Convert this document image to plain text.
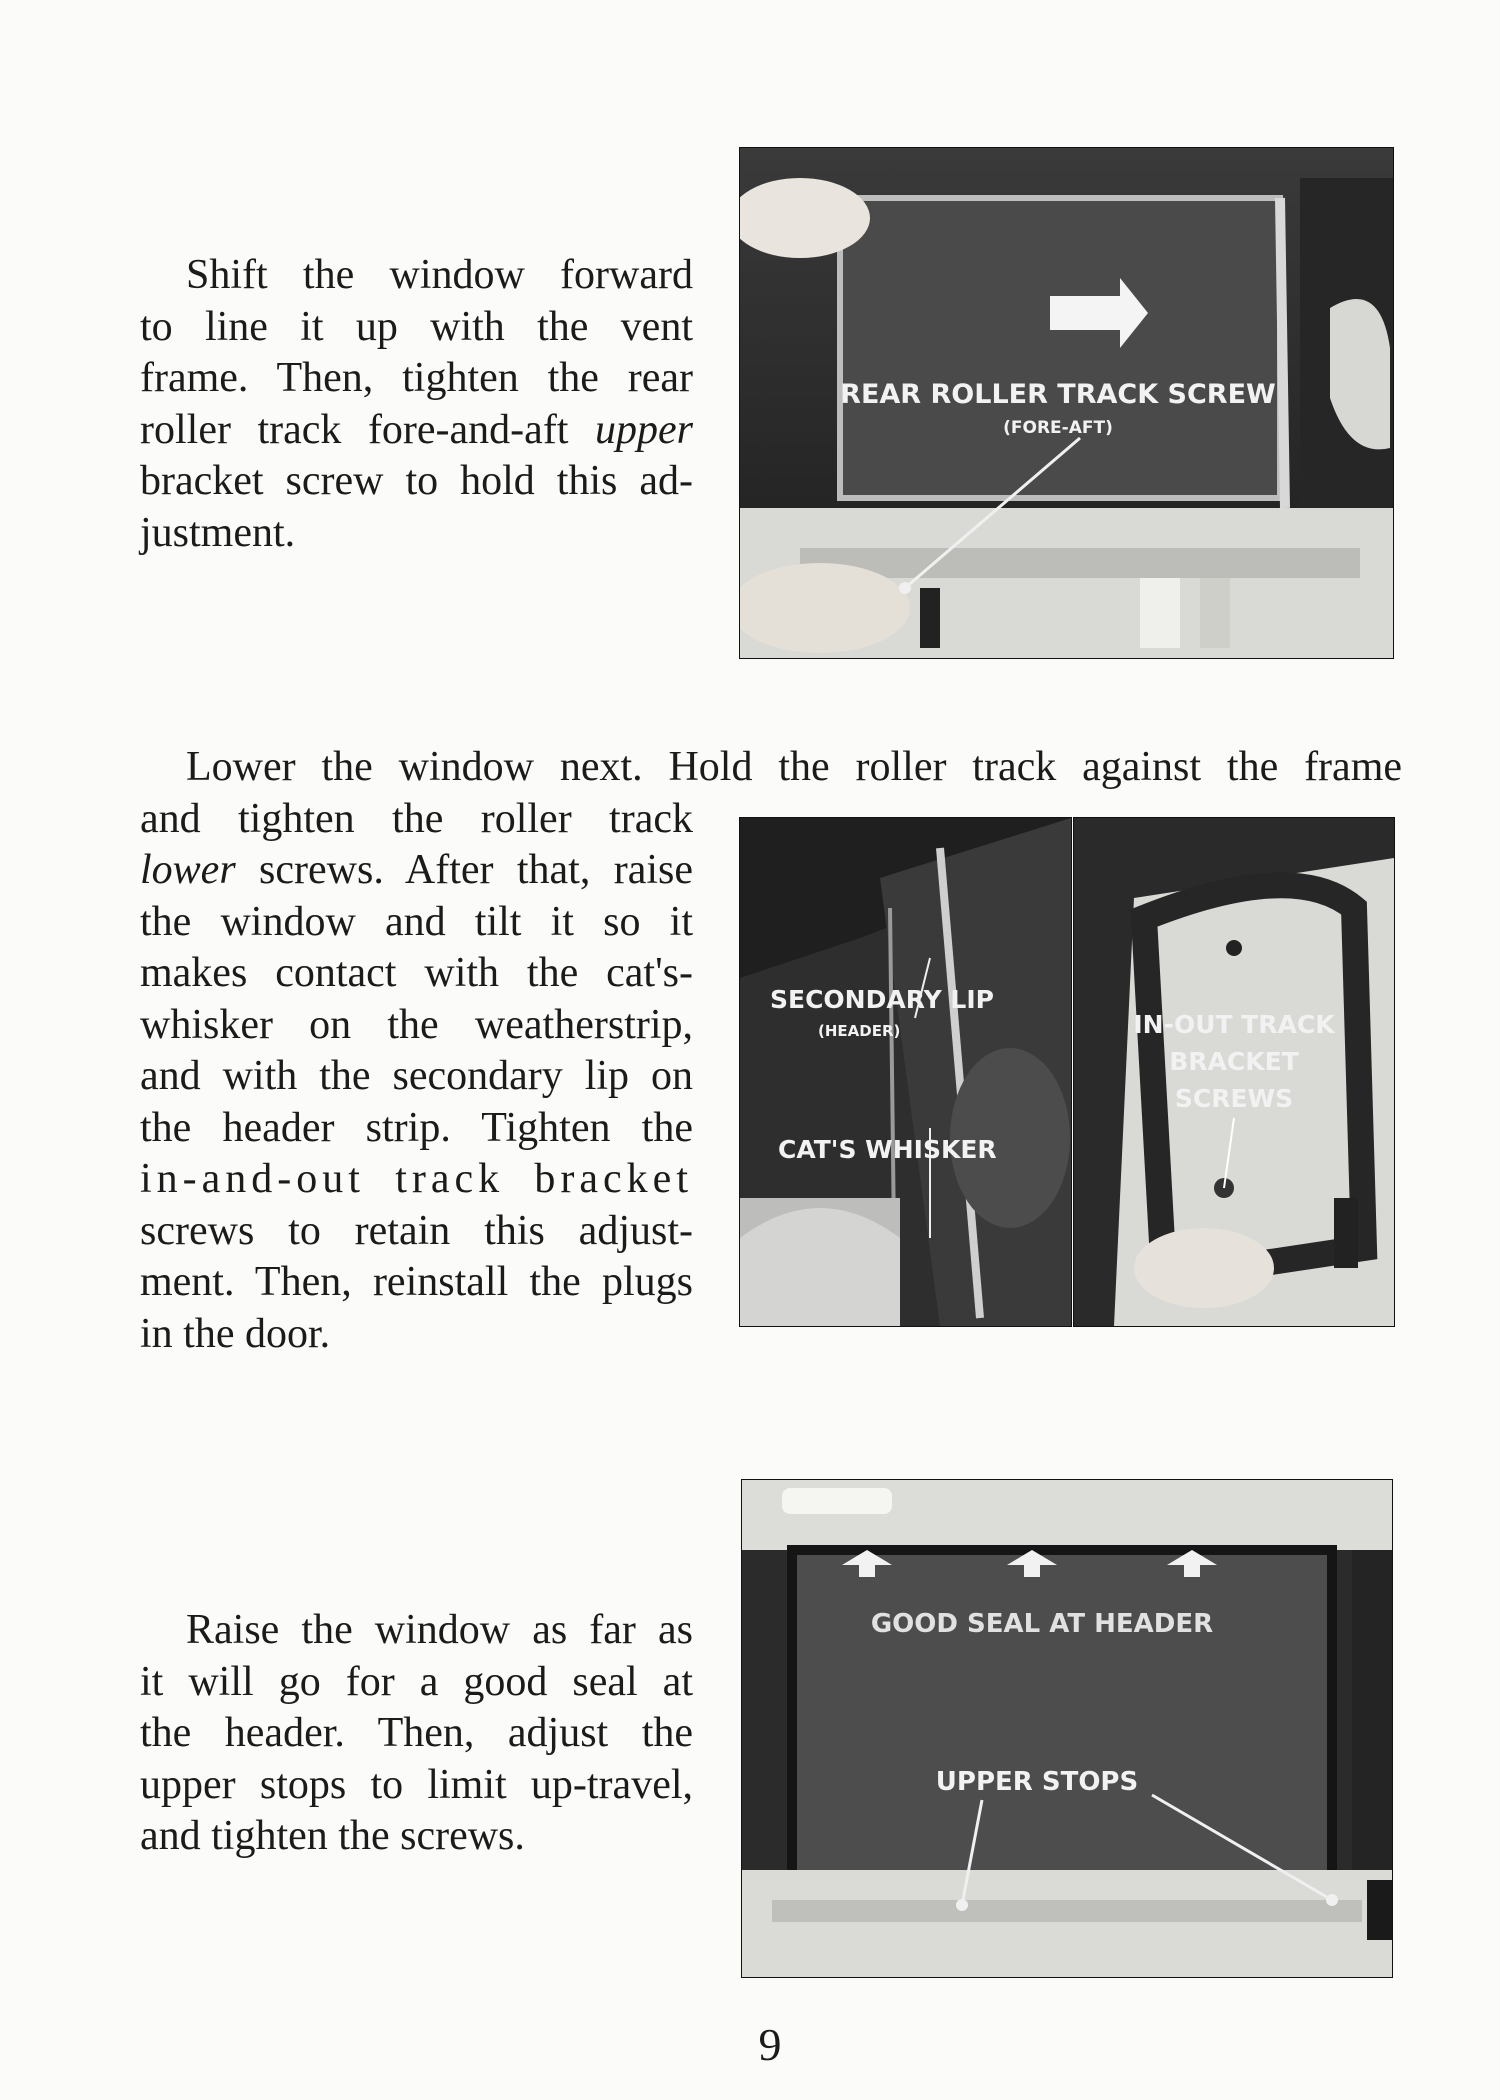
Shift the window forward
to line it up with the vent
frame. Then, tighten the rear
roller track fore-and-aft upper
bracket screw to hold this ad-
justment.

REAR ROLLER TRACK SCREW
(FORE-AFT)

Lower the window next. Hold the roller track against the frame

and tighten the roller track
lower screws. After that, raise
the window and tilt it so it
makes contact with the cat's-
whisker on the weatherstrip,
and with the secondary lip on
the header strip. Tighten the
in-and-out track bracket
screws to retain this adjust-
ment. Then, reinstall the plugs
in the door.

SECONDARY LIP
(HEADER)
CAT'S WHISKER
IN-OUT TRACK
BRACKET
SCREWS

Raise the window as far as
it will go for a good seal at
the header. Then, adjust the
upper stops to limit up-travel,
and tighten the screws.

GOOD SEAL AT HEADER
UPPER STOPS
9
